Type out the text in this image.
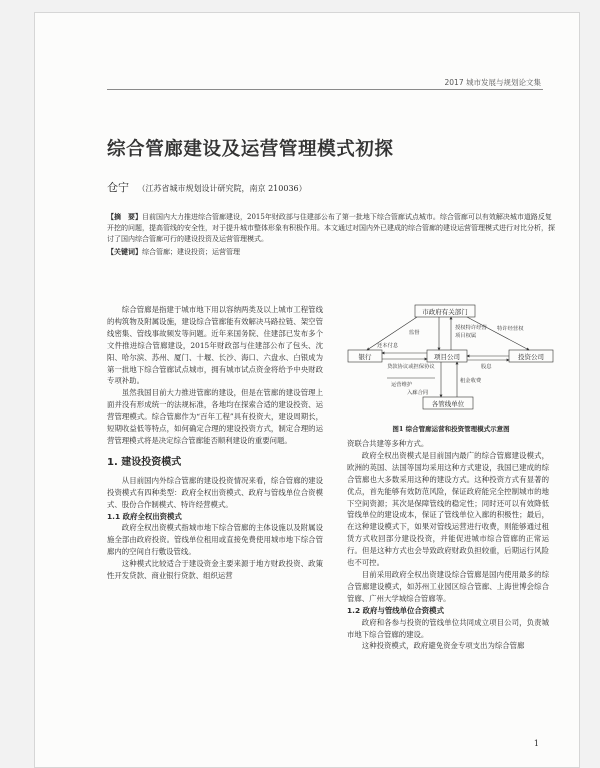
2017 城市发展与规划论文集
综合管廊建设及运营管理模式初探
仓宁 （江苏省城市规划设计研究院，南京 210036）
【摘　要】目前国内大力推进综合管廊建设，2015年财政部与住建部公布了第一批地下综合管廊试点城市。综合管廊可以有效解决城市道路反复开挖的问题，提高管线的安全性，对于提升城市整体形象有积极作用。本文通过对国内外已建成的综合管廊的建设运营管理模式进行对比分析，探讨了国内综合管廊可行的建设投资及运营管理模式。
【关键词】综合管廊；建设投资；运营管理

综合管廊是指建于城市地下用以容纳两类及以上城市工程管线的构筑物及附属设施，建设综合管廊能有效解决马路拉链、架空管线密集、管线事故频发等问题。近年来国务院、住建部已发布多个文件推进综合管廊建设，2015年财政部与住建部公布了包头、沈阳、哈尔滨、苏州、厦门、十堰、长沙、海口、六盘水、白银成为第一批地下综合管廊试点城市，拥有城市试点资金将给予中央财政专项补助。

虽然我国目前大力推进管廊的建设，但是在管廊的建设管理上面并没有形成统一的法规标准，各地均在探索合适的建设投资、运营管理模式。综合管廊作为“百年工程”具有投资大，建设周期长，短期收益低等特点，如何确定合理的建设投资方式，制定合理的运营管理模式将是决定综合管廊能否顺利建设的重要问题。

1. 建设投资模式

从目前国内外综合管廊的建设投资情况来看，综合管廊的建设投资模式有四种类型：政府全权出资模式、政府与管线单位合资模式、股份合作制模式、特许经营模式。

1.1 政府全权出资模式

政府全权出资模式指城市地下综合管廊的主体设施以及附属设施全部由政府投资。管线单位租用或直接免费使用城市地下综合管廊内的空间自行敷设管线。

这种模式比较适合于建设资金主要来源于地方财政投资、政策性开发贷款、商业银行贷款、组织运营

市政府有关部门
银行	项目公司	投资公司
各管线单位
监督
授权特许经营
项目权属
特许经营权
还本付息
贷款协议或担保协议
运营维护
入廊合同
租金收费
股息
图1 综合管廊运营和投资管理模式示意图

资联合共建等多种方式。

政府全权出资模式是目前国内最广的综合管廊建设模式，欧洲的英国、法国等国均采用这种方式建设，我国已建成的综合管廊也大多数采用这种的建设方式。这种投资方式有显著的优点，首先能够有效防范风险，保证政府能完全控制城市的地下空间资源；其次是保障管线的稳定性；同时还可以有效降低管线单位的建设成本，保证了管线单位入廊的积极性；最后，在这种建设模式下，如果对管线运营进行收费，则能够通过租赁方式收回部分建设投资，并能促进城市综合管廊的正常运行。但是这种方式也会导致政府财政负担较重，后期运行风险也不可控。

目前采用政府全权出资建设综合管廊是国内使用最多的综合管廊建设模式，如苏州工业园区综合管廊、上海世博会综合管廊、广州大学城综合管廊等。

1.2 政府与管线单位合资模式

政府和各参与投资的管线单位共同成立项目公司，负责城市地下综合管廊的建设。

这种投资模式，政府避免资金专项支出为综合管廊

1
